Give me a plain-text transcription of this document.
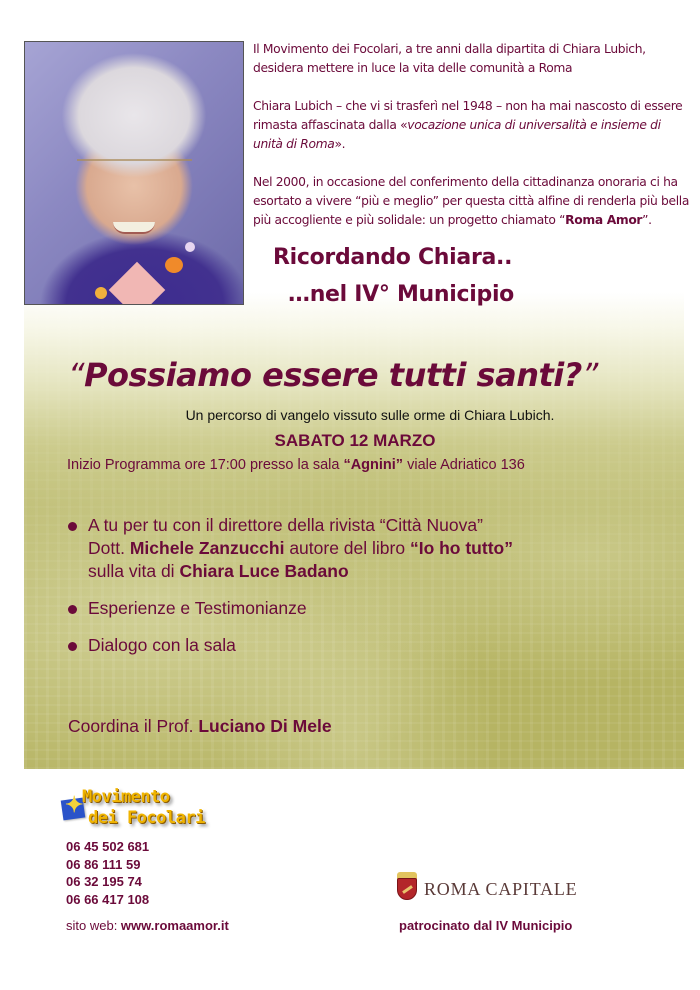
Il Movimento dei Focolari, a tre anni dalla dipartita di Chiara Lubich, desidera mettere in luce la vita delle comunità a Roma

Chiara Lubich – che vi si trasferì nel 1948 – non ha mai nascosto di essere rimasta affascinata dalla «vocazione unica di universalità e insieme di unità di Roma».

Nel 2000, in occasione del conferimento della cittadinanza onoraria ci ha esortato a vivere “più e meglio” per questa città alfine di renderla più bella più accogliente e più solidale: un progetto chiamato “Roma Amor”.

Ricordando Chiara..
…nel IV° Municipio
“Possiamo essere tutti santi?”
Un percorso di vangelo vissuto sulle orme di Chiara Lubich.
SABATO 12 MARZO
Inizio Programma ore 17:00 presso la sala “Agnini” viale Adriatico 136
A tu per tu con il direttore della rivista “Città Nuova”
Dott. Michele Zanzucchi autore del libro “Io ho tutto”
sulla vita di Chiara Luce Badano
Esperienze e Testimonianze
Dialogo con la sala
Coordina il Prof. Luciano Di Mele
✦
Movimento
dei Focolari
06 45 502 681
06 86 111 59
06 32 195 74
06 66 417 108
sito web: www.romaamor.it
ROMA CAPITALE
patrocinato dal IV Municipio
